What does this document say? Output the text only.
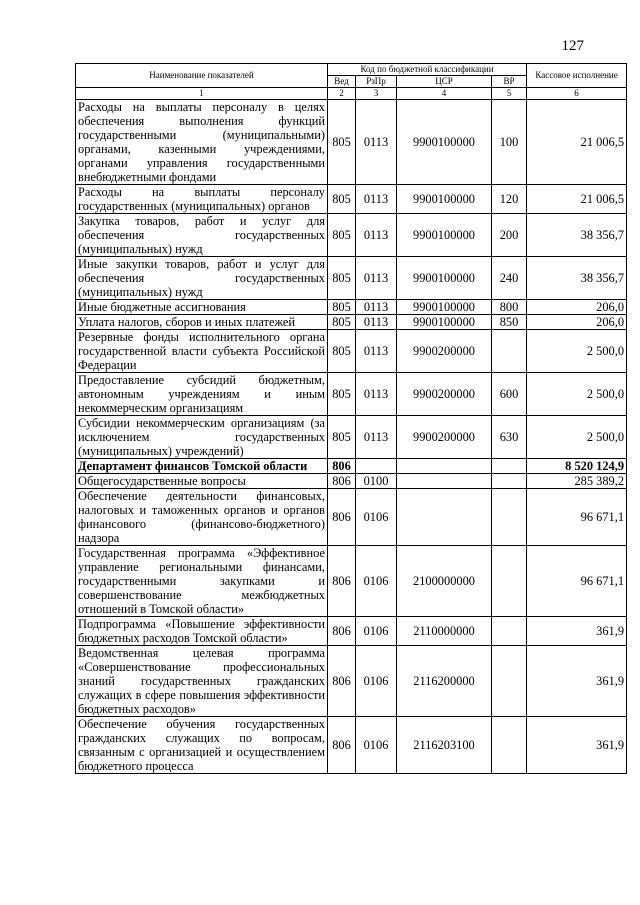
127
Наименование показателей	Код по бюджетной классификации				Кассовое исполнение
	Вед	РзПр	ЦСР	ВР	
1	2	3	4	5	6
Расходы на выплаты персоналу в целях обеспечения выполнения функций государственными (муниципальными) органами, казенными учреждениями, органами управления государственными внебюджетными фондами	805	0113	9900100000	100	21 006,5
Расходы на выплаты персоналу государственных (муниципальных) органов	805	0113	9900100000	120	21 006,5
Закупка товаров, работ и услуг для обеспечения государственных (муниципальных) нужд	805	0113	9900100000	200	38 356,7
Иные закупки товаров, работ и услуг для обеспечения государственных (муниципальных) нужд	805	0113	9900100000	240	38 356,7
Иные бюджетные ассигнования	805	0113	9900100000	800	206,0
Уплата налогов, сборов и иных платежей	805	0113	9900100000	850	206,0
Резервные фонды исполнительного органа государственной власти субъекта Российской Федерации	805	0113	9900200000		2 500,0
Предоставление субсидий бюджетным, автономным учреждениям и иным некоммерческим организациям	805	0113	9900200000	600	2 500,0
Субсидии некоммерческим организациям (за исключением государственных (муниципальных) учреждений)	805	0113	9900200000	630	2 500,0
Департамент финансов Томской области	806				8 520 124,9
Общегосударственные вопросы	806	0100			285 389,2
Обеспечение деятельности финансовых, налоговых и таможенных органов и органов финансового (финансово-бюджетного) надзора	806	0106			96 671,1
Государственная программа «Эффективное управление региональными финансами, государственными закупками и совершенствование межбюджетных отношений в Томской области»	806	0106	2100000000		96 671,1
Подпрограмма «Повышение эффективности бюджетных расходов Томской области»	806	0106	2110000000		361,9
Ведомственная целевая программа «Совершенствование профессиональных знаний государственных гражданских служащих в сфере повышения эффективности бюджетных расходов»	806	0106	2116200000		361,9
Обеспечение обучения государственных гражданских служащих по вопросам, связанным с организацией и осуществлением бюджетного процесса	806	0106	2116203100		361,9
